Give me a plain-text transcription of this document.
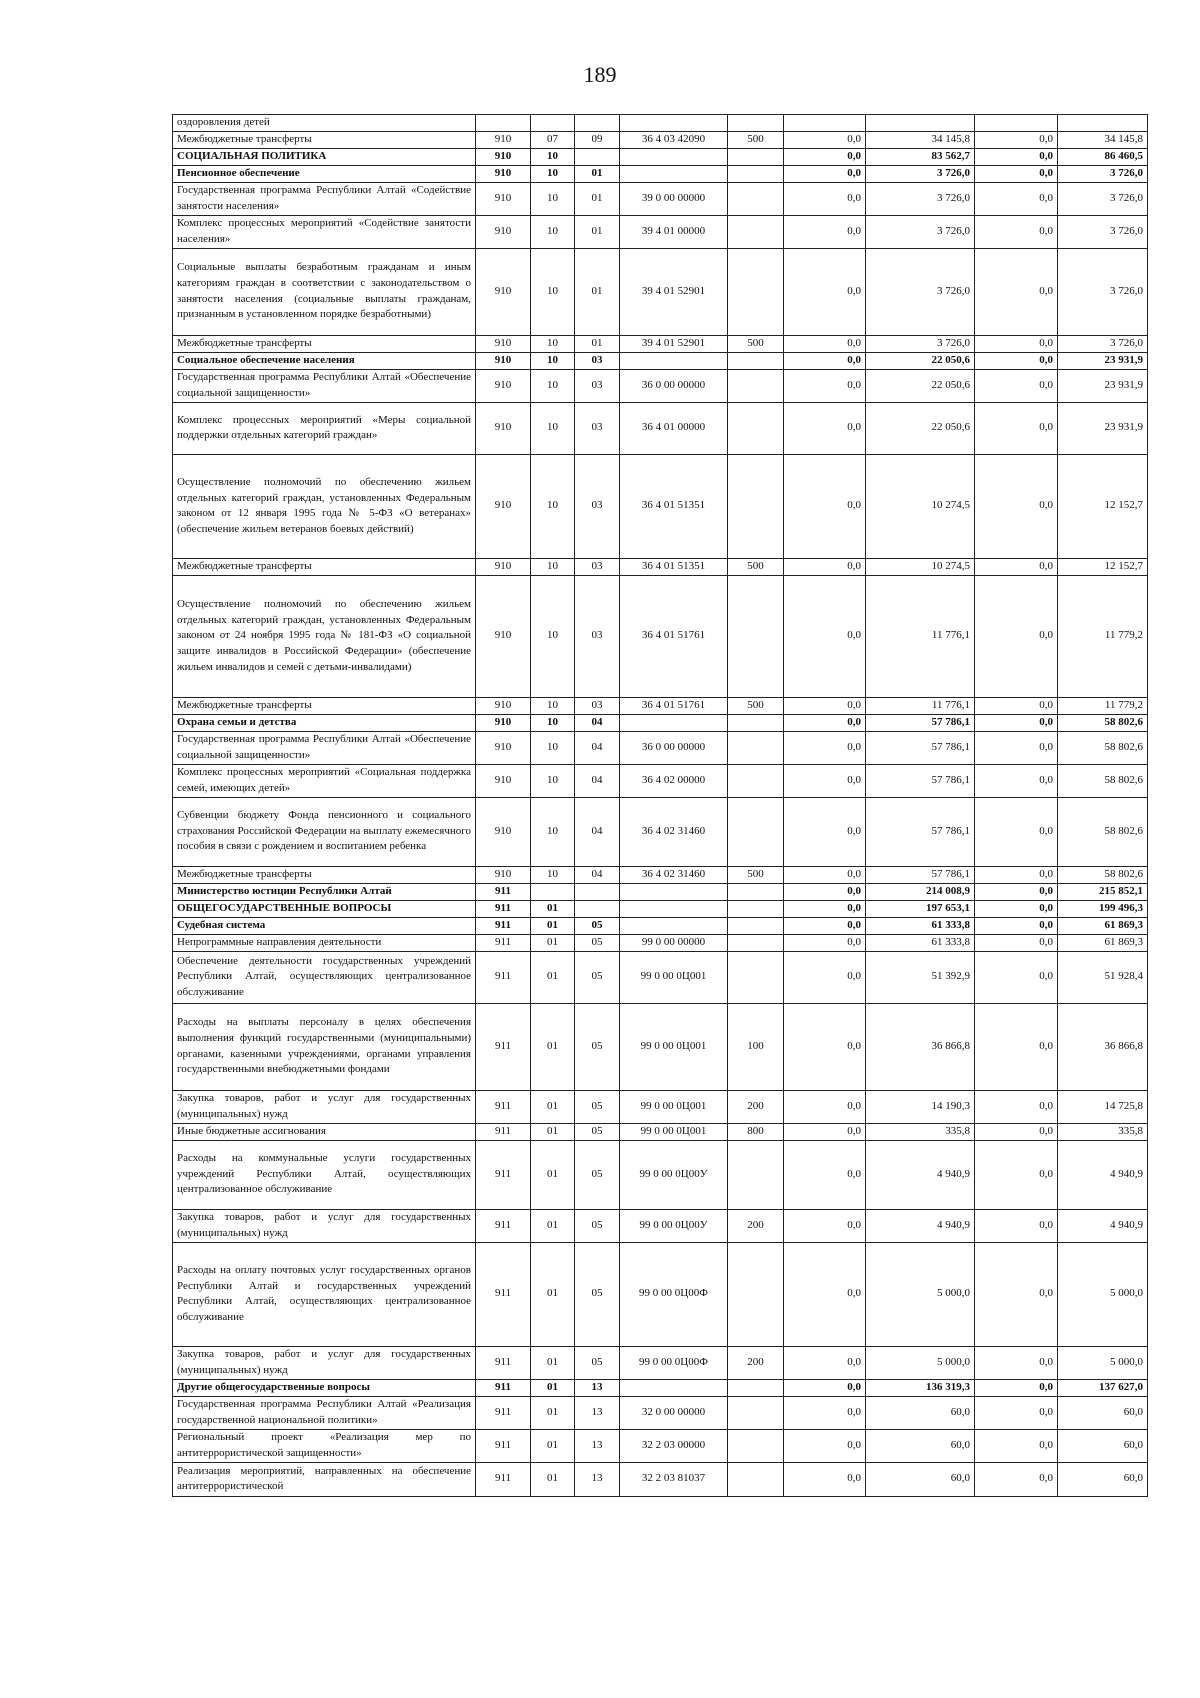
189
оздоровления детей									
Межбюджетные трансферты	910	07	09	36 4 03 42090	500	0,0	34 145,8	0,0	34 145,8
СОЦИАЛЬНАЯ ПОЛИТИКА	910	10				0,0	83 562,7	0,0	86 460,5
Пенсионное обеспечение	910	10	01			0,0	3 726,0	0,0	3 726,0
Государственная программа Республики Алтай «Содействие занятости населения»	910	10	01	39 0 00 00000		0,0	3 726,0	0,0	3 726,0
Комплекс процессных мероприятий «Содействие занятости населения»	910	10	01	39 4 01 00000		0,0	3 726,0	0,0	3 726,0
Социальные выплаты безработным гражданам и иным категориям граждан в соответствии с законодательством о занятости населения (социальные выплаты гражданам, признанным в установленном порядке безработными)	910	10	01	39 4 01 52901		0,0	3 726,0	0,0	3 726,0
Межбюджетные трансферты	910	10	01	39 4 01 52901	500	0,0	3 726,0	0,0	3 726,0
Социальное обеспечение населения	910	10	03			0,0	22 050,6	0,0	23 931,9
Государственная программа Республики Алтай «Обеспечение социальной защищенности»	910	10	03	36 0 00 00000		0,0	22 050,6	0,0	23 931,9
Комплекс процессных мероприятий «Меры социальной поддержки отдельных категорий граждан»	910	10	03	36 4 01 00000		0,0	22 050,6	0,0	23 931,9
Осуществление полномочий по обеспечению жильем отдельных категорий граждан, установленных Федеральным законом от 12 января 1995 года № 5-ФЗ «О ветеранах» (обеспечение жильем ветеранов боевых действий)	910	10	03	36 4 01 51351		0,0	10 274,5	0,0	12 152,7
Межбюджетные трансферты	910	10	03	36 4 01 51351	500	0,0	10 274,5	0,0	12 152,7
Осуществление полномочий по обеспечению жильем отдельных категорий граждан, установленных Федеральным законом от 24 ноября 1995 года № 181-ФЗ «О социальной защите инвалидов в Российской Федерации» (обеспечение жильем инвалидов и семей с детьми-инвалидами)	910	10	03	36 4 01 51761		0,0	11 776,1	0,0	11 779,2
Межбюджетные трансферты	910	10	03	36 4 01 51761	500	0,0	11 776,1	0,0	11 779,2
Охрана семьи и детства	910	10	04			0,0	57 786,1	0,0	58 802,6
Государственная программа Республики Алтай «Обеспечение социальной защищенности»	910	10	04	36 0 00 00000		0,0	57 786,1	0,0	58 802,6
Комплекс процессных мероприятий «Социальная поддержка семей, имеющих детей»	910	10	04	36 4 02 00000		0,0	57 786,1	0,0	58 802,6
Субвенции бюджету Фонда пенсионного и социального страхования Российской Федерации на выплату ежемесячного пособия в связи с рождением и воспитанием ребенка	910	10	04	36 4 02 31460		0,0	57 786,1	0,0	58 802,6
Межбюджетные трансферты	910	10	04	36 4 02 31460	500	0,0	57 786,1	0,0	58 802,6
Министерство юстиции Республики Алтай	911					0,0	214 008,9	0,0	215 852,1
ОБЩЕГОСУДАРСТВЕННЫЕ ВОПРОСЫ	911	01				0,0	197 653,1	0,0	199 496,3
Судебная система	911	01	05			0,0	61 333,8	0,0	61 869,3
Непрограммные направления деятельности	911	01	05	99 0 00 00000		0,0	61 333,8	0,0	61 869,3
Обеспечение деятельности государственных учреждений Республики Алтай, осуществляющих централизованное обслуживание	911	01	05	99 0 00 0Ц001		0,0	51 392,9	0,0	51 928,4
Расходы на выплаты персоналу в целях обеспечения выполнения функций государственными (муниципальными) органами, казенными учреждениями, органами управления государственными внебюджетными фондами	911	01	05	99 0 00 0Ц001	100	0,0	36 866,8	0,0	36 866,8
Закупка товаров, работ и услуг для государственных (муниципальных) нужд	911	01	05	99 0 00 0Ц001	200	0,0	14 190,3	0,0	14 725,8
Иные бюджетные ассигнования	911	01	05	99 0 00 0Ц001	800	0,0	335,8	0,0	335,8
Расходы на коммунальные услуги государственных учреждений Республики Алтай, осуществляющих централизованное обслуживание	911	01	05	99 0 00 0Ц00У		0,0	4 940,9	0,0	4 940,9
Закупка товаров, работ и услуг для государственных (муниципальных) нужд	911	01	05	99 0 00 0Ц00У	200	0,0	4 940,9	0,0	4 940,9
Расходы на оплату почтовых услуг государственных органов Республики Алтай и государственных учреждений Республики Алтай, осуществляющих централизованное обслуживание	911	01	05	99 0 00 0Ц00Ф		0,0	5 000,0	0,0	5 000,0
Закупка товаров, работ и услуг для государственных (муниципальных) нужд	911	01	05	99 0 00 0Ц00Ф	200	0,0	5 000,0	0,0	5 000,0
Другие общегосударственные вопросы	911	01	13			0,0	136 319,3	0,0	137 627,0
Государственная программа Республики Алтай «Реализация государственной национальной политики»	911	01	13	32 0 00 00000		0,0	60,0	0,0	60,0
Региональный проект «Реализация мер по антитеррористической защищенности»	911	01	13	32 2 03 00000		0,0	60,0	0,0	60,0
Реализация мероприятий, направленных на обеспечение антитеррористической	911	01	13	32 2 03 81037		0,0	60,0	0,0	60,0
